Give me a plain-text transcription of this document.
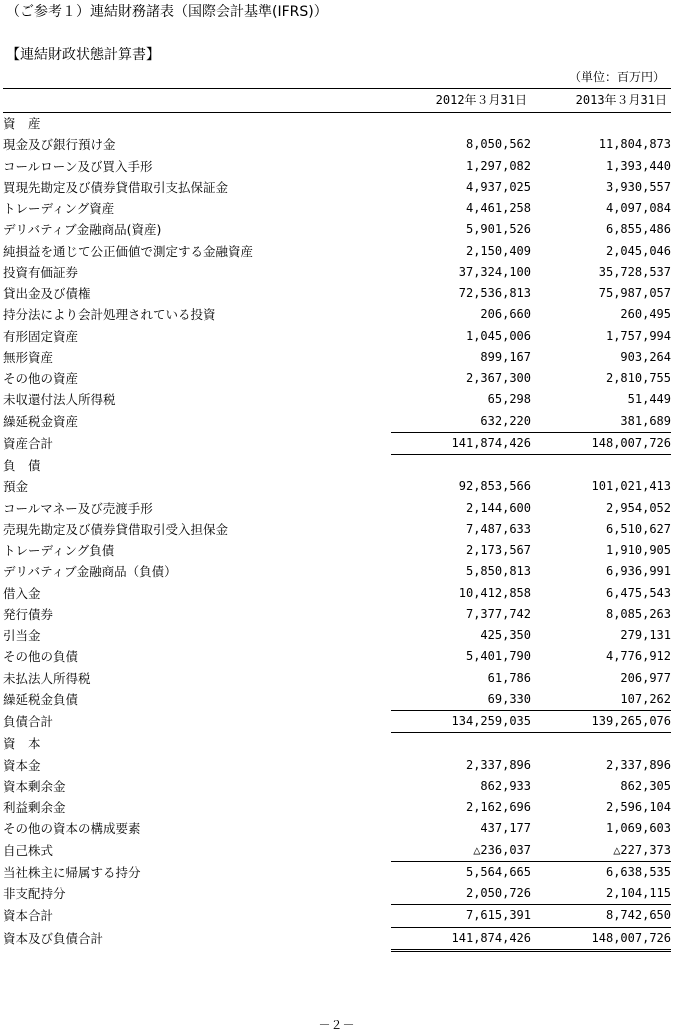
（ご参考１）連結財務諸表（国際会計基準(IFRS)）
【連結財政状態計算書】
（単位：百万円）
	2012年３月31日	2013年３月31日
資　産		
現金及び銀行預け金	8,050,562	11,804,873
コールローン及び買入手形	1,297,082	1,393,440
買現先勘定及び債券貸借取引支払保証金	4,937,025	3,930,557
トレーディング資産	4,461,258	4,097,084
デリバティブ金融商品(資産)	5,901,526	6,855,486
純損益を通じて公正価値で測定する金融資産	2,150,409	2,045,046
投資有価証券	37,324,100	35,728,537
貸出金及び債権	72,536,813	75,987,057
持分法により会計処理されている投資	206,660	260,495
有形固定資産	1,045,006	1,757,994
無形資産	899,167	903,264
その他の資産	2,367,300	2,810,755
未収還付法人所得税	65,298	51,449
繰延税金資産	632,220	381,689
資産合計	141,874,426	148,007,726
負　債		
預金	92,853,566	101,021,413
コールマネー及び売渡手形	2,144,600	2,954,052
売現先勘定及び債券貸借取引受入担保金	7,487,633	6,510,627
トレーディング負債	2,173,567	1,910,905
デリバティブ金融商品（負債）	5,850,813	6,936,991
借入金	10,412,858	6,475,543
発行債券	7,377,742	8,085,263
引当金	425,350	279,131
その他の負債	5,401,790	4,776,912
未払法人所得税	61,786	206,977
繰延税金負債	69,330	107,262
負債合計	134,259,035	139,265,076
資　本		
資本金	2,337,896	2,337,896
資本剰余金	862,933	862,305
利益剰余金	2,162,696	2,596,104
その他の資本の構成要素	437,177	1,069,603
自己株式	△236,037	△227,373
当社株主に帰属する持分	5,564,665	6,638,535
非支配持分	2,050,726	2,104,115
資本合計	7,615,391	8,742,650
資本及び負債合計	141,874,426	148,007,726
－２－
